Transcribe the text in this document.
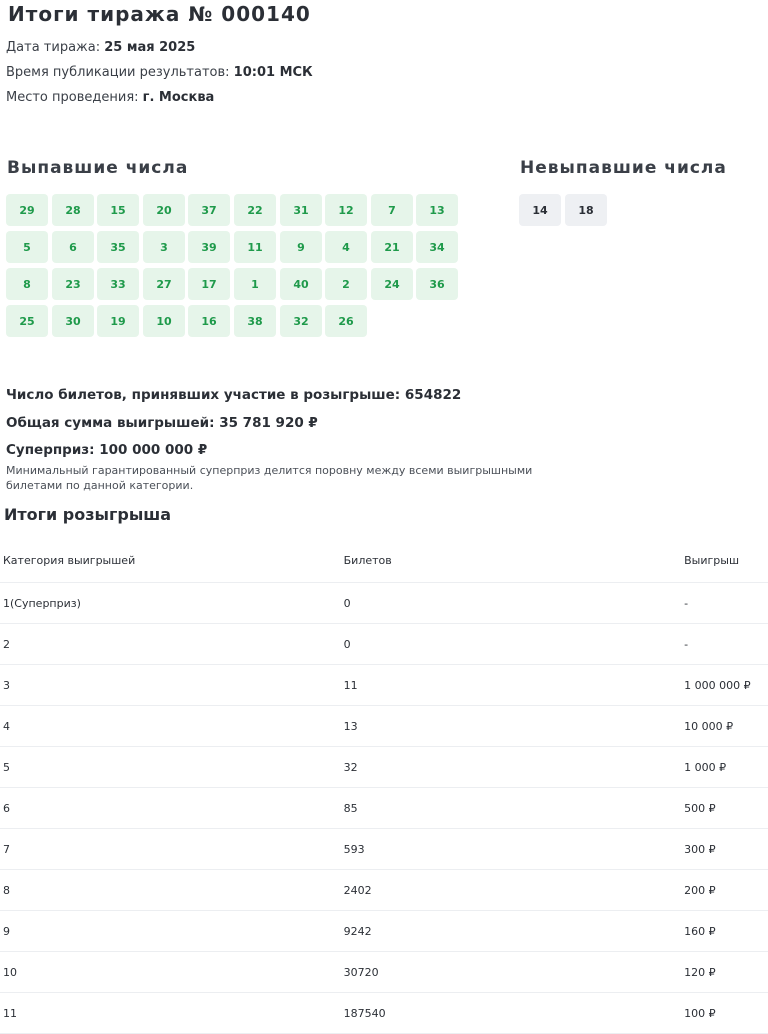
Итоги тиража № 000140
Дата тиража: 25 мая 2025
Время публикации результатов: 10:01 МСК
Место проведения: г. Москва
Выпавшие числа	Невыпавшие числа
29	28	15	20	37	22	31	12	7	13
5	6	35	3	39	11	9	4	21	34
8	23	33	27	17	1	40	2	24	36
25	30	19	10	16	38	32	26
14	18
Число билетов, принявших участие в розыгрыше: 654822
Общая сумма выигрышей: 35 781 920 ₽
Суперприз: 100 000 000 ₽
Минимальный гарантированный суперприз делится поровну между всеми выигрышными билетами по данной категории.
Итоги розыгрыша
Категория выигрышей	Билетов	Выигрыш
1(Суперприз)	0	-
2	0	-
3	11	1 000 000 ₽
4	13	10 000 ₽
5	32	1 000 ₽
6	85	500 ₽
7	593	300 ₽
8	2402	200 ₽
9	9242	160 ₽
10	30720	120 ₽
11	187540	100 ₽
